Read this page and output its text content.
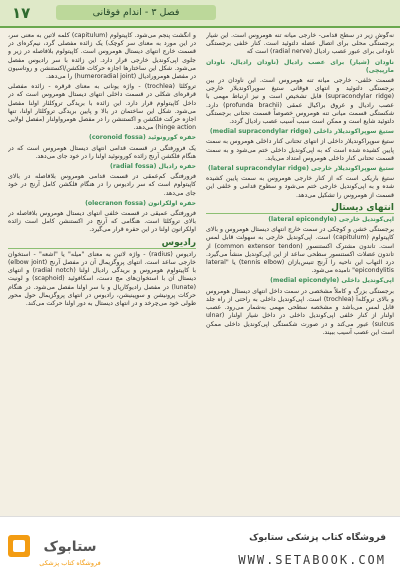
۱۷	فصل ۳ - اندام فوقانی

نه‌گوش زیر در سطح قدامی- خارجی میانه تنه هومروس است. این شیار برجستگی محلی برای اتصال عضله دلتوئید است. کنار خلفی برجستگی ناودانی برای عبور عصب رادیال (radial nerve) است که

ناودان (شیار) برای عصب رادیال (ناودان رادیال، ناودان مارپیچی)

قسمت خلفی- خارجی میانه تنه هومروس است. این ناودان در بین برجستگی دلتوئید و انتهای فوقانی ستیغ سوپراکوندیلار خارجی (supracondylar ridge) قابل تشخیص است و نیز ارتباط مهمی با عصب رادیال و عروق براکیال عمقی (profunda brachii) دارد. شکستگی قسمت میانی تنه هومروس خصوصاً قسمت تحتانی برجستگی دلتوئید شایع است و ممکن است سبب آسیب عصب رادیال گردد.

ستیغ سوپراکوندیلار داخلی (medial supracondylar ridge)

ستیغ سوپراکوندیلار داخلی از انتهای تحتانی کنار داخلی هومروس به سمت پایین کشیده شده است که به اپی‌کوندیل داخلی ختم می‌شود و به سمت قسمت تحتانی کنار داخلی هومروس امتداد می‌یابد.

ستیغ سوپراکوندیلار خارجی (lateral supracondylar ridge)

ستیغ باریکی است که از کنار خارجی هومروس به سمت پایین کشیده شده و به اپی‌کوندیل خارجی ختم می‌شود و سطوح قدامی و خلفی این قسمت از هومروس را تشکیل می‌دهد.

انتهای دیستال

اپی‌کوندیل خارجی (lateral epicondyle)

برجستگی خشن و کوچکی در سمت خارج انتهای دیستال هومروس و بالای کاپیتولوم (capitulum) است. اپی‌کوندیل خارجی به سهولت قابل لمس است. تاندون مشترک اکستنسور (common extensor tendon) از تاندون عضلات اکستنسور سطحی ساعد از این اپی‌کوندیل منشأ می‌گیرد. درد التهاب این ناحیه را آرنج تنیس‌بازان (tennis elbow) یا "lateral epicondylitis" نامیده می‌شود.

اپی‌کوندیل داخلی (medial epicondyle)

برجستگی بزرگ و کاملاً مشخصی در سمت داخل انتهای دیستال هومروس و بالای تروکله‌آ (trochlea) است. اپی‌کوندیل داخلی به راحتی از راه جلد قابل لمس می‌باشد و مشخصه سطحی مهمی به‌شمار می‌رود. عصب اولنار از کنار خلفی اپی‌کوندیل داخلی در داخل شیار اولنار (ulnar sulcus) عبور می‌کند و در صورت شکستگی اپی‌کوندیل داخلی ممکن است این عصب آسیب ببیند.

و انگشت پنجم می‌شود. کاپیتولوم (capitulum) کلمه لاتین به معنی سر، در این مورد به معنای سر کوچک) یک زائده مفصلی گرد، نیم‌کره‌ای در قسمت خارج انتهای دیستال هومروس است. کاپیتولوم بلافاصله در زیر و جلوی اپی‌کوندیل خارجی قرار دارد. این زائده با سر رادیوس مفصل می‌شود. شکل این ساختارها اجازه حرکات فلکشن/اکستنشن و روتاسیون در مفصل هومرورادیال (humeroradial joint) را می‌دهد.

تروکلئا (trochlea) - واژه یونانی به معنای قرقره - زائده مفصلی قرقره‌ای شکلی در قسمت داخلی انتهای دیستال هومروس است که در داخل کاپیتولوم قرار دارد. این زائده با بریدگی تروکلئار اولنا مفصل می‌شود. شکل این ساختمان در بالا و پایین بریدگی تروکلئار اولنا، تنها اجازه حرکت فلکشن و اکستنشن را در مفصل هومرواولنار (مفصل لولایی hinge action) می‌دهد.

حفره کورونوئید (coronoid fossa)

یک فرورفتگی در قسمت قدامی انتهای دیستال هومروس است که در هنگام فلکشن آرنج زائده کورونوئید اولنا را در خود جای می‌دهد.

حفره رادیال (radial fossa)

فرورفتگی کم‌عمقی در قسمت قدامی هومروس بلافاصله در بالای کاپیتولوم است که سر رادیوس را در هنگام فلکشن کامل آرنج در خود جای می‌دهد.

حفره اولکرانون (olecranon fossa)

فرورفتگی عمیقی در قسمت خلفی انتهای دیستال هومروس بلافاصله در بالای تروکلئا است. هنگامی که آرنج در اکستنشن کامل است زائده اولکرانون اولنا در این حفره قرار می‌گیرد.

رادیوس

رادیوس (radius) - واژه لاتین به معنای "میله" یا "اشعه" - استخوان خارجی ساعد است. انتهای پروگزیمال آن در مفصل آرنج (elbow joint) با کاپیتولوم هومروس و بریدگی رادیال اولنا (radial notch) و انتهای دیستال آن با استخوان‌های مچ دست، اسکافوئید (scaphoid) و لونیت (lunate) در مفصل رادیوکارپال و با سر اولنا مفصل می‌شود. در هنگام حرکات پرونیشن و سوپینیشن، رادیوس در انتهای پروگزیمال حول محور طولی خود می‌چرخد و در انتهای دیستال به دور اولنا حرکت می‌کند.

ستابوک
فروشگاه کتاب پزشکی
فروشگاه کتاب پزشکی ستابوک
WWW.SETABOOK.COM
